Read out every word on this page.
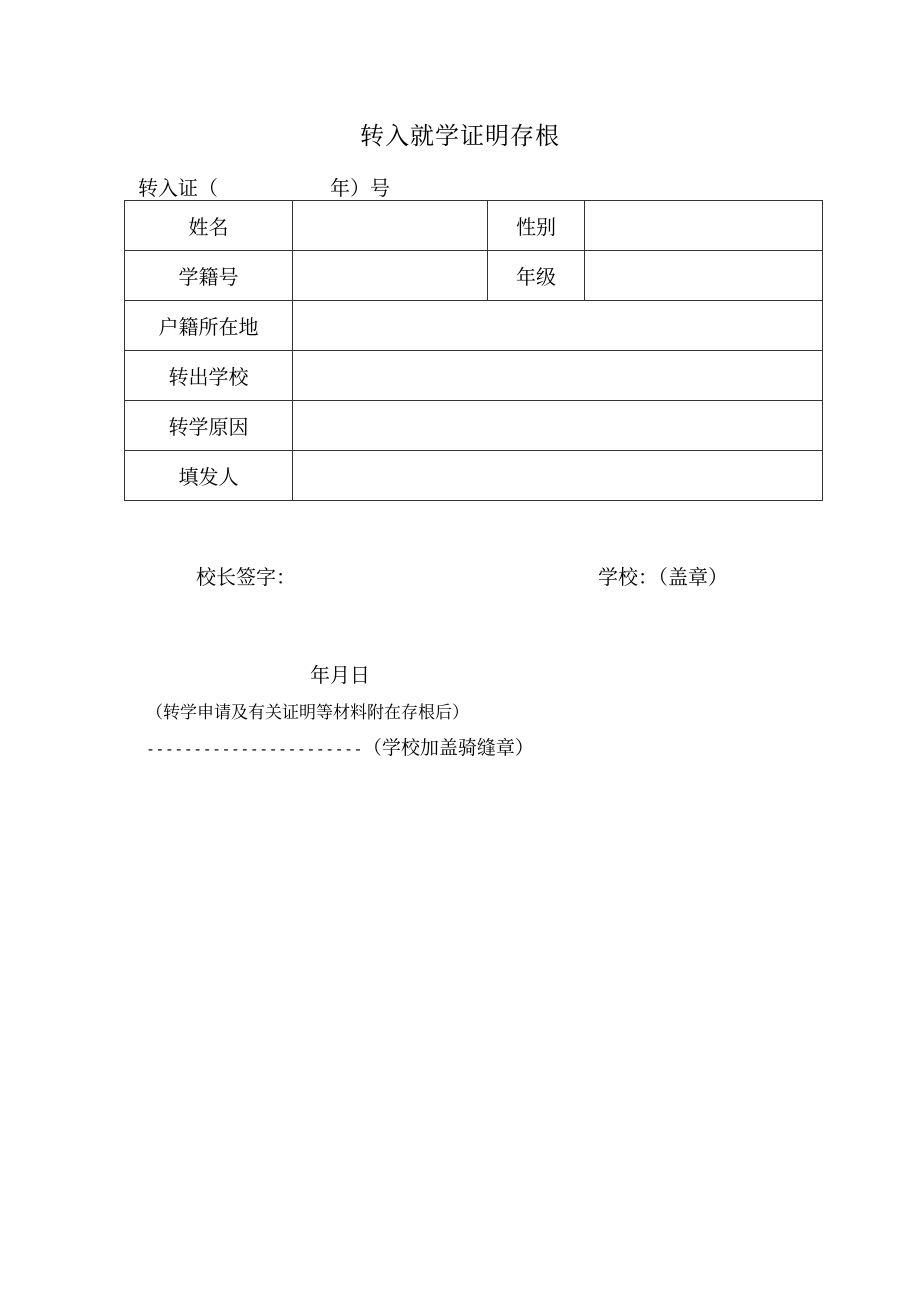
转入就学证明存根
转入证（	年）号
姓名		性别	
学籍号		年级	
户籍所在地			
转出学校			
转学原因			
填发人			
校长签字：	学校：（盖章）
年月日
（转学申请及有关证明等材料附在存根后）
-----------------------（学校加盖骑缝章）
